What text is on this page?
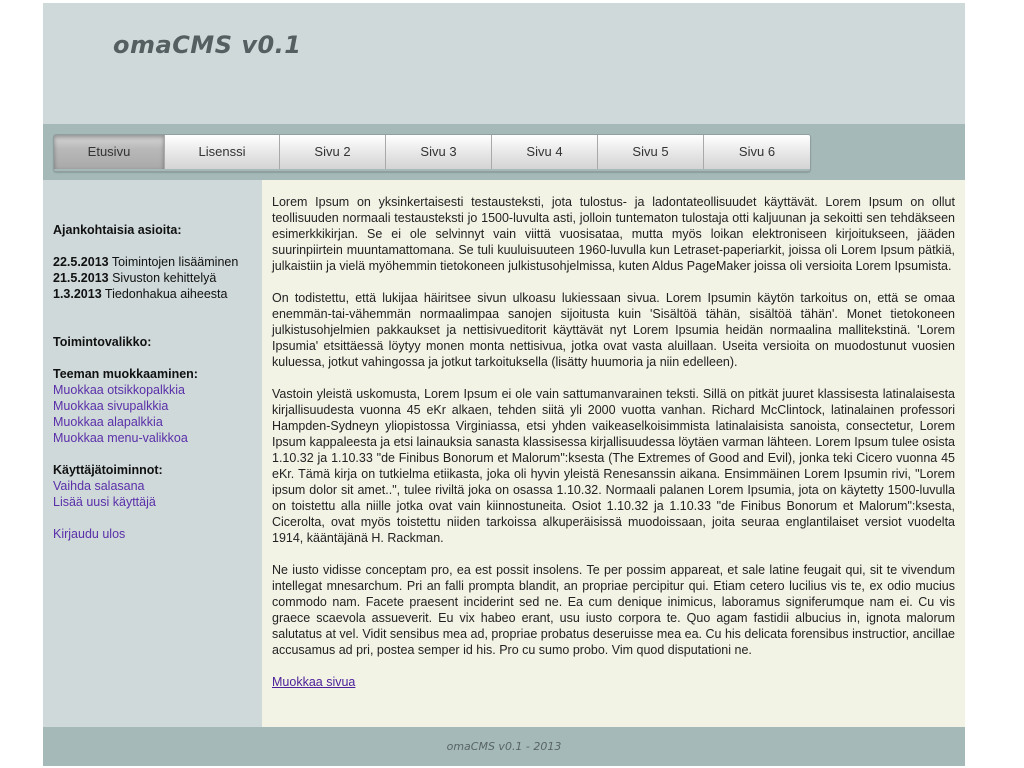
omaCMS v0.1
Etusivu	Lisenssi	Sivu 2	Sivu 3	Sivu 4	Sivu 5	Sivu 6
Ajankohtaisia asioita:
22.5.2013 Toimintojen lisääminen
21.5.2013 Sivuston kehittelyä
1.3.2013 Tiedonhakua aiheesta
Toimintovalikko:
Teeman muokkaaminen:
Muokkaa otsikkopalkkia
Muokkaa sivupalkkia
Muokkaa alapalkkia
Muokkaa menu-valikkoa
Käyttäjätoiminnot:
Vaihda salasana
Lisää uusi käyttäjä
Kirjaudu ulos

Lorem Ipsum on yksinkertaisesti testausteksti, jota tulostus- ja ladontateollisuudet käyttävät. Lorem Ipsum on ollut teollisuuden normaali testausteksti jo 1500-luvulta asti, jolloin tuntematon tulostaja otti kaljuunan ja sekoitti sen tehdäkseen esimerkkikirjan. Se ei ole selvinnyt vain viittä vuosisataa, mutta myös loikan elektroniseen kirjoitukseen, jääden suurinpiirtein muuntamattomana. Se tuli kuuluisuuteen 1960-luvulla kun Letraset-paperiarkit, joissa oli Lorem Ipsum pätkiä, julkaistiin ja vielä myöhemmin tietokoneen julkistusohjelmissa, kuten Aldus PageMaker joissa oli versioita Lorem Ipsumista.

On todistettu, että lukijaa häiritsee sivun ulkoasu lukiessaan sivua. Lorem Ipsumin käytön tarkoitus on, että se omaa enemmän-tai-vähemmän normaalimpaa sanojen sijoitusta kuin 'Sisältöä tähän, sisältöä tähän'. Monet tietokoneen julkistusohjelmien pakkaukset ja nettisivueditorit käyttävät nyt Lorem Ipsumia heidän normaalina mallitekstinä. 'Lorem Ipsumia' etsittäessä löytyy monen monta nettisivua, jotka ovat vasta aluillaan. Useita versioita on muodostunut vuosien kuluessa, jotkut vahingossa ja jotkut tarkoituksella (lisätty huumoria ja niin edelleen).

Vastoin yleistä uskomusta, Lorem Ipsum ei ole vain sattumanvarainen teksti. Sillä on pitkät juuret klassisesta latinalaisesta kirjallisuudesta vuonna 45 eKr alkaen, tehden siitä yli 2000 vuotta vanhan. Richard McClintock, latinalainen professori Hampden-Sydneyn yliopistossa Virginiassa, etsi yhden vaikeaselkoisimmista latinalaisista sanoista, consectetur, Lorem Ipsum kappaleesta ja etsi lainauksia sanasta klassisessa kirjallisuudessa löytäen varman lähteen. Lorem Ipsum tulee osista 1.10.32 ja 1.10.33 "de Finibus Bonorum et Malorum":ksesta (The Extremes of Good and Evil), jonka teki Cicero vuonna 45 eKr. Tämä kirja on tutkielma etiikasta, joka oli hyvin yleistä Renesanssin aikana. Ensimmäinen Lorem Ipsumin rivi, "Lorem ipsum dolor sit amet..", tulee riviltä joka on osassa 1.10.32. Normaali palanen Lorem Ipsumia, jota on käytetty 1500-luvulla on toistettu alla niille jotka ovat vain kiinnostuneita. Osiot 1.10.32 ja 1.10.33 "de Finibus Bonorum et Malorum":ksesta, Cicerolta, ovat myös toistettu niiden tarkoissa alkuperäisissä muodoissaan, joita seuraa englantilaiset versiot vuodelta 1914, kääntäjänä H. Rackman.

Ne iusto vidisse conceptam pro, ea est possit insolens. Te per possim appareat, et sale latine feugait qui, sit te vivendum intellegat mnesarchum. Pri an falli prompta blandit, an propriae percipitur qui. Etiam cetero lucilius vis te, ex odio mucius commodo nam. Facete praesent inciderint sed ne. Ea cum denique inimicus, laboramus signiferumque nam ei. Cu vis graece scaevola assueverit. Eu vix habeo erant, usu iusto corpora te. Quo agam fastidii albucius in, ignota malorum salutatus at vel. Vidit sensibus mea ad, propriae probatus deseruisse mea ea. Cu his delicata forensibus instructior, ancillae accusamus ad pri, postea semper id his. Pro cu sumo probo. Vim quod disputationi ne.

Muokkaa sivua
omaCMS v0.1 - 2013
